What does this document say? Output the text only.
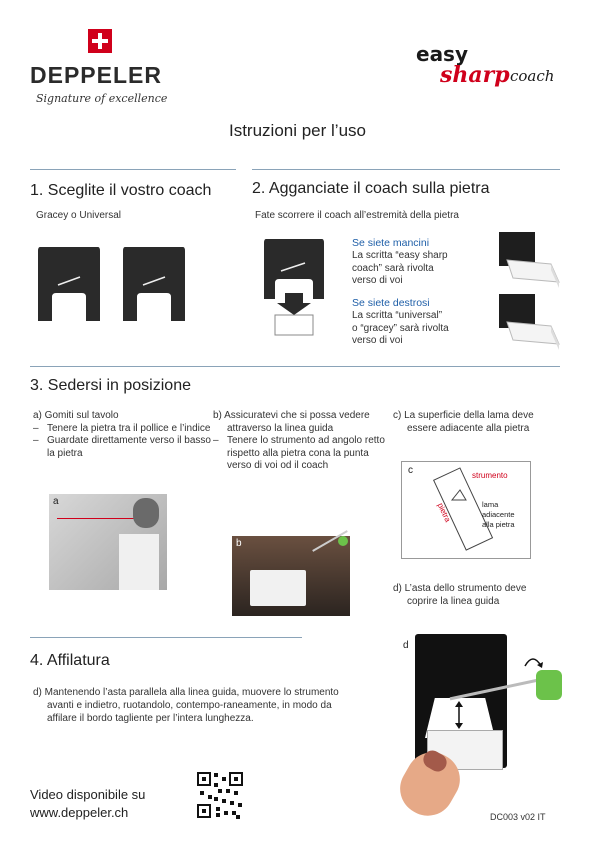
DEPPELER
Signature of excellence
easy
sharp coach
Istruzioni per l’uso
1. Sceglite il vostro coach
Gracey o Universal
2. Agganciate il coach sulla pietra
Fate scorrere il coach all’estremità della pietra
Se siete mancini
La scritta “easy sharp
coach” sarà rivolta
verso di voi
Se siete destrosi
La scritta “universal”
o “gracey” sarà rivolta
verso di voi
3. Sedersi in posizione
a) Gomiti sul tavolo
– Tenere la pietra tra il pollice e l’indice
– Guardate direttamente verso il basso la pietra
a
b) Assicuratevi che si possa vedere attraverso la linea guida
– Tenere lo strumento ad angolo retto rispetto alla pietra cona la punta verso di voi od il coach
b
c) La superficie della lama deve essere adiacente alla pietra
c	strumento
pietra	lama
adiacente
alla pietra
d) L’asta dello strumento deve coprire la linea guida
4. Affilatura
d) Mantenendo l’asta parallela alla linea guida, muovere lo strumento avanti e indietro, ruotandolo, contempo-raneamente, in modo da affilare il bordo tagliente per l’intera lunghezza.
d
Video disponibile su
www.deppeler.ch	DC003 v02 IT
